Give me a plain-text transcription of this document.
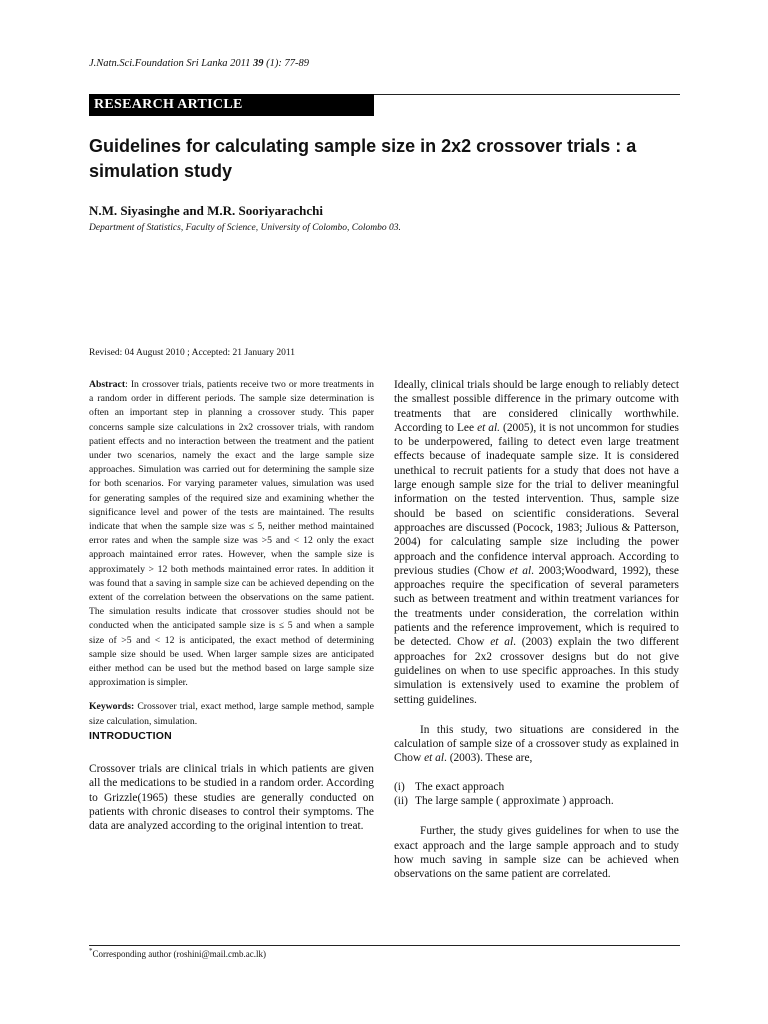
J.Natn.Sci.Foundation Sri Lanka 2011 39 (1): 77-89
RESEARCH ARTICLE
Guidelines for calculating sample size in 2x2 crossover trials : a simulation study
N.M. Siyasinghe and M.R. Sooriyarachchi
Department of Statistics, Faculty of Science, University of Colombo, Colombo 03.
Revised: 04 August 2010 ; Accepted: 21 January 2011

Abstract: In crossover trials, patients receive two or more treatments in a random order in different periods. The sample size determination is often an important step in planning a crossover study. This paper concerns sample size calculations in 2x2 crossover trials, with random patient effects and no interaction between the treatment and the patient under two scenarios, namely the exact and the large sample size approaches. Simulation was carried out for determining the sample size for both scenarios. For varying parameter values, simulation was used for generating samples of the required size and examining whether the significance level and power of the tests are maintained. The results indicate that when the sample size was ≤ 5, neither method maintained error rates and when the sample size was >5 and < 12 only the exact approach maintained error rates. However, when the sample size is approximately > 12 both methods maintained error rates. In addition it was found that a saving in sample size can be achieved depending on the extent of the correlation between the observations on the same patient. The simulation results indicate that crossover studies should not be conducted when the anticipated sample size is ≤ 5 and when a sample size of >5 and < 12 is anticipated, the exact method of determining sample size should be used. When larger sample sizes are anticipated either method can be used but the method based on large sample size approximation is simpler.

Keywords: Crossover trial, exact method, large sample method, sample size calculation, simulation.

INTRODUCTION

Crossover trials are clinical trials in which patients are given all the medications to be studied in a random order. According to Grizzle(1965) these studies are generally conducted on patients with chronic diseases to control their symptoms. The data are analyzed according to the original intention to treat.

Ideally, clinical trials should be large enough to reliably detect the smallest possible difference in the primary outcome with treatments that are considered clinically worthwhile. According to Lee et al. (2005), it is not uncommon for studies to be underpowered, failing to detect even large treatment effects because of inadequate sample size. It is considered unethical to recruit patients for a study that does not have a large enough sample size for the trial to deliver meaningful information on the tested intervention. Thus, sample size should be based on scientific considerations. Several approaches are discussed (Pocock, 1983; Julious & Patterson, 2004) for calculating sample size including the power approach and the confidence interval approach. According to previous studies (Chow et al. 2003;Woodward, 1992), these approaches require the specification of several parameters such as between treatment and within treatment variances for the treatments under consideration, the correlation within patients and the reference improvement, which is required to be detected. Chow et al. (2003) explain the two different approaches for 2x2 crossover designs but do not give guidelines on when to use specific approaches. In this study simulation is extensively used to examine the problem of setting guidelines.

In this study, two situations are considered in the calculation of sample size of a crossover study as explained in Chow et al. (2003). These are,

(i) The exact approach
(ii) The large sample ( approximate ) approach.

Further, the study gives guidelines for when to use the exact approach and the large sample approach and to study how much saving in sample size can be achieved when observations on the same patient are correlated.

*Corresponding author (roshini@mail.cmb.ac.lk)
